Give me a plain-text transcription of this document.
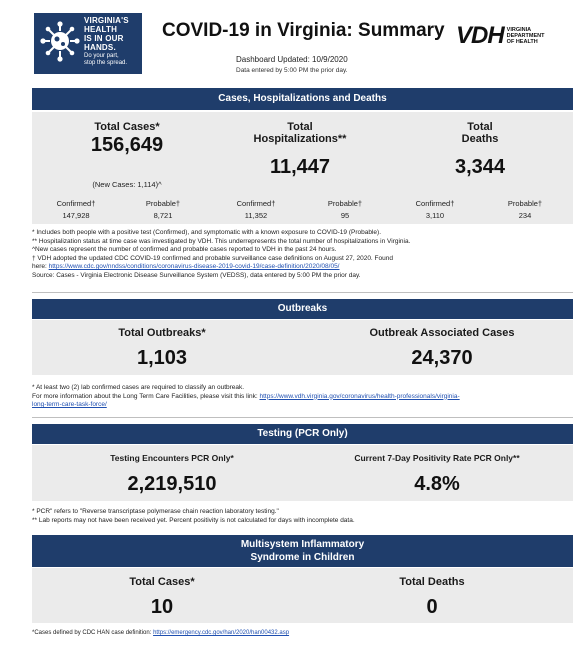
VIRGINIA'S
HEALTH
IS IN OUR
HANDS.
Do your part,
stop the spread.
COVID-19 in Virginia: Summary
Dashboard Updated: 10/9/2020
Data entered by 5:00 PM the prior day.
VDH VIRGINIA
DEPARTMENT
OF HEALTH
Cases, Hospitalizations and Deaths
Total Cases*
156,649
(New Cases: 1,114)^
Total
Hospitalizations**
11,447
Total
Deaths
3,344
Confirmed†
147,928
Probable†
8,721
Confirmed†
11,352
Probable†
95
Confirmed†
3,110
Probable†
234
* Includes both people with a positive test (Confirmed), and symptomatic with a known exposure to COVID-19 (Probable).
** Hospitalization status at time case was investigated by VDH. This underrepresents the total number of hospitalizations in Virginia.
^New cases represent the number of confirmed and probable cases reported to VDH in the past 24 hours.
† VDH adopted the updated CDC COVID-19 confirmed and probable surveillance case definitions on August 27, 2020. Found
here: https://www.cdc.gov/nndss/conditions/coronavirus-disease-2019-covid-19/case-definition/2020/08/05/
Source: Cases - Virginia Electronic Disease Surveillance System (VEDSS), data entered by 5:00 PM the prior day.
Outbreaks
Total Outbreaks*
1,103
Outbreak Associated Cases
24,370
* At least two (2) lab confirmed cases are required to classify an outbreak.
For more information about the Long Term Care Facilities, please visit this link: https://www.vdh.virginia.gov/coronavirus/health-professionals/virginia-
long-term-care-task-force/
Testing (PCR Only)
Testing Encounters PCR Only*
2,219,510
Current 7-Day Positivity Rate PCR Only**
4.8%
* PCR" refers to "Reverse transcriptase polymerase chain reaction laboratory testing."
** Lab reports may not have been received yet. Percent positivity is not calculated for days with incomplete data.
Multisystem Inflammatory
Syndrome in Children
Total Cases*
10
Total Deaths
0
*Cases defined by CDC HAN case definition: https://emergency.cdc.gov/han/2020/han00432.asp
